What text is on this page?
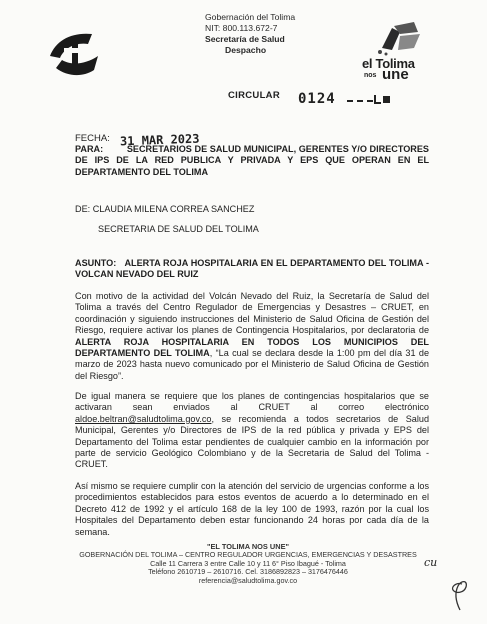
Gobernación del Tolima
NIT: 800.113.672-7
Secretaría de Salud
Despacho
el Tolima
nos une
CIRCULAR 0124
FECHA: 31 MAR 2023
PARA:	SECRETARIOS DE SALUD MUNICIPAL, GERENTES Y/O DIRECTORES DE IPS DE LA RED PUBLICA Y PRIVADA Y EPS QUE OPERAN EN EL DEPARTAMENTO DEL TOLIMA
DE: CLAUDIA MILENA CORREA SANCHEZ
SECRETARIA DE SALUD DEL TOLIMA
ASUNTO: ALERTA ROJA HOSPITALARIA EN EL DEPARTAMENTO DEL TOLIMA - VOLCAN NEVADO DEL RUIZ
Con motivo de la actividad del Volcán Nevado del Ruiz, la Secretaría de Salud del Tolima a través del Centro Regulador de Emergencias y Desastres – CRUET, en coordinación y siguiendo instrucciones del Ministerio de Salud Oficina de Gestión del Riesgo, requiere activar los planes de Contingencia Hospitalarios, por declaratoria de ALERTA ROJA HOSPITALARIA EN TODOS LOS MUNICIPIOS DEL DEPARTAMENTO DEL TOLIMA, “La cual se declara desde la 1:00 pm del día 31 de marzo de 2023 hasta nuevo comunicado por el Ministerio de Salud Oficina de Gestión del Riesgo”.
De igual manera se requiere que los planes de contingencias hospitalarios que se activaran sean enviados al CRUET al correo electrónico aldoe.beltran@saludtolima.gov.co, se recomienda a todos secretarios de Salud Municipal, Gerentes y/o Directores de IPS de la red pública y privada y EPS del Departamento del Tolima estar pendientes de cualquier cambio en la información por parte de servicio Geológico Colombiano y de la Secretaria de Salud del Tolima -CRUET.
Así mismo se requiere cumplir con la atención del servicio de urgencias conforme a los procedimientos establecidos para estos eventos de acuerdo a lo determinado en el Decreto 412 de 1992 y el artículo 168 de la ley 100 de 1993, razón por la cual los Hospitales del Departamento deben estar funcionando 24 horas por cada día de la semana.
"EL TOLIMA NOS UNE"
GOBERNACIÓN DEL TOLIMA – CENTRO REGULADOR URGENCIAS, EMERGENCIAS Y DESASTRES
Calle 11 Carrera 3 entre Calle 10 y 11 6° Piso Ibagué - Tolima
Teléfono 2610719 – 2610716. Cel. 3186892823 – 3176476446
referencia@saludtolima.gov.co
cu
